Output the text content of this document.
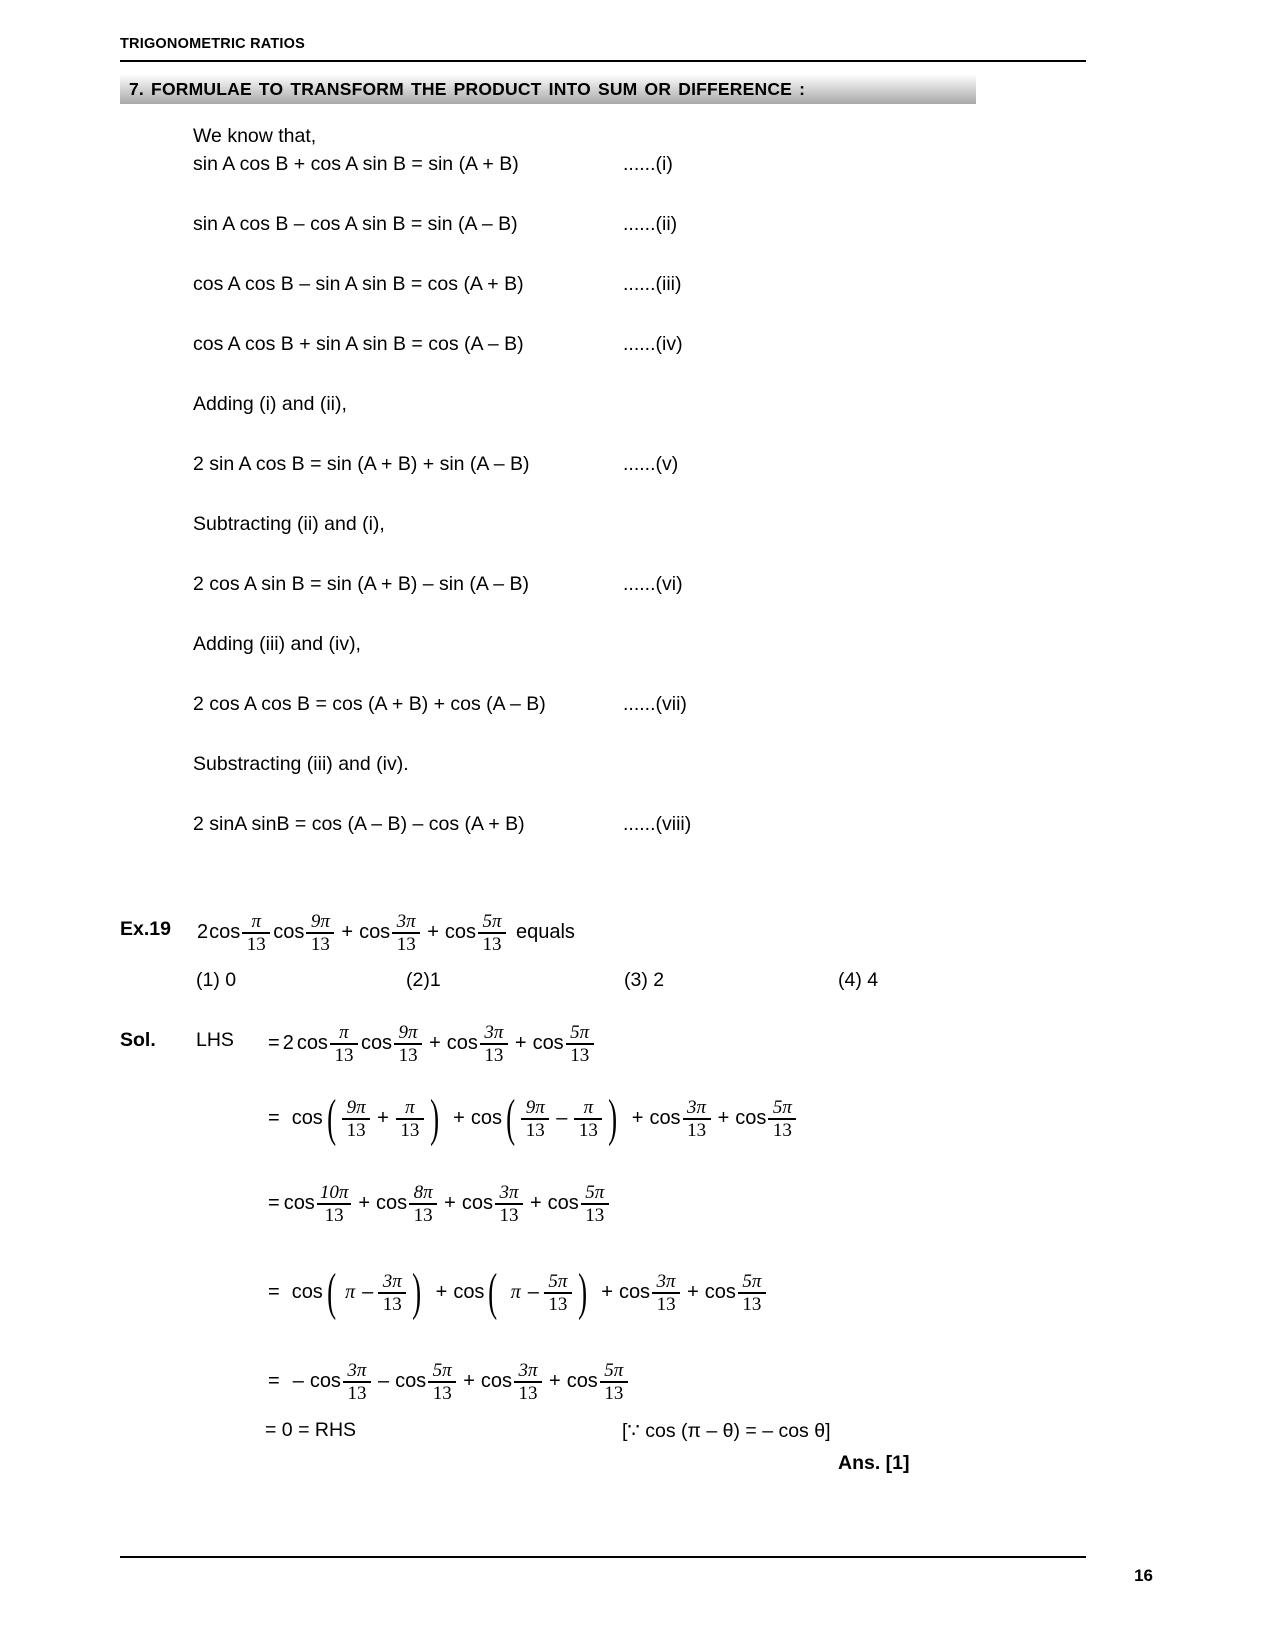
TRIGONOMETRIC RATIOS
7. FORMULAE TO TRANSFORM THE PRODUCT INTO SUM OR DIFFERENCE :
We know that,
sin A cos B + cos A sin B = sin (A + B)	......(i)
sin A cos B – cos A sin B = sin (A – B)	......(ii)
cos A cos B – sin A sin B = cos (A + B)	......(iii)
cos A cos B + sin A sin B = cos (A – B)	......(iv)
Adding (i) and (ii),
2 sin A cos B = sin (A + B) + sin (A – B)	......(v)
Subtracting (ii) and (i),
2 cos A sin B = sin (A + B) – sin (A – B)	......(vi)
Adding (iii) and (iv),
2 cos A cos B = cos (A + B) + cos (A – B)	......(vii)
Substracting (iii) and (iv).
2 sinA sinB = cos (A – B) – cos (A + B)	......(viii)
Ex.19 2 $\cos \frac{\pi}{13}$ $\cos \frac{9\pi}{13} + \cos \frac{3\pi}{13} + \cos \frac{5\pi}{13}$ equals
(1) 0	(2)1	(3) 2	(4) 4
Sol. LHS = 2 $\cos \frac{\pi}{13}$ $\cos \frac{9\pi}{13} + \cos \frac{3\pi}{13} + \cos \frac{5\pi}{13}$
= cos ( $\frac{9\pi}{13} + \frac{\pi}{13}$ ) + cos ( $\frac{9\pi}{13} - \frac{\pi}{13}$ ) + $\cos \frac{3\pi}{13} + \cos \frac{5\pi}{13}$
= $\cos \frac{10\pi}{13} + \cos \frac{8\pi}{13} + \cos \frac{3\pi}{13} + \cos \frac{5\pi}{13}$
= cos ( π – $\frac{3\pi}{13}$ ) + cos ( π – $\frac{5\pi}{13}$ ) + $\cos \frac{3\pi}{13} + \cos \frac{5\pi}{13}$
= – $\cos \frac{3\pi}{13} - \cos \frac{5\pi}{13} + \cos \frac{3\pi}{13} + \cos \frac{5\pi}{13}$
= 0 = RHS	[∵ cos (π – θ) = – cos θ]
Ans. [1]
16
